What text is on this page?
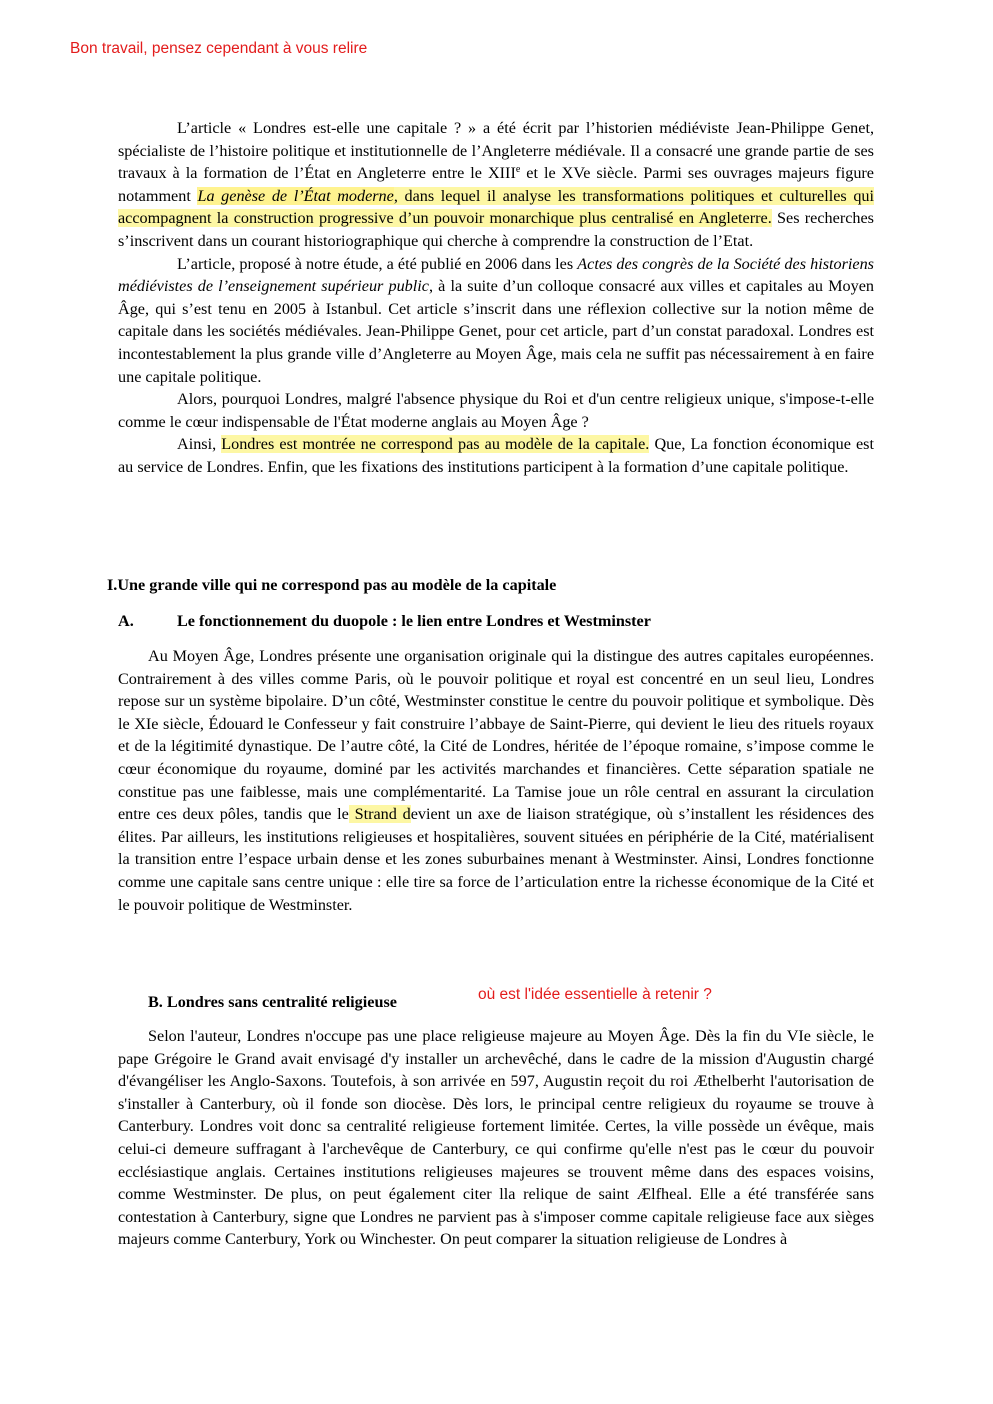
Bon travail, pensez cependant à vous relire

L’article « Londres est-elle une capitale ? » a été écrit par l’historien médiéviste Jean-Philippe Genet, spécialiste de l’histoire politique et institutionnelle de l’Angleterre médiévale. Il a consacré une grande partie de ses travaux à la formation de l’État en Angleterre entre le XIIIe et le XVe siècle. Parmi ses ouvrages majeurs figure notamment La genèse de l’État moderne, dans lequel il analyse les transformations politiques et culturelles qui accompagnent la construction progressive d’un pouvoir monarchique plus centralisé en Angleterre. Ses recherches s’inscrivent dans un courant historiographique qui cherche à comprendre la construction de l’Etat.

L’article, proposé à notre étude, a été publié en 2006 dans les Actes des congrès de la Société des historiens médiévistes de l’enseignement supérieur public, à la suite d’un colloque consacré aux villes et capitales au Moyen Âge, qui s’est tenu en 2005 à Istanbul. Cet article s’inscrit dans une réflexion collective sur la notion même de capitale dans les sociétés médiévales. Jean-Philippe Genet, pour cet article, part d’un constat paradoxal. Londres est incontestablement la plus grande ville d’Angleterre au Moyen Âge, mais cela ne suffit pas nécessairement à en faire une capitale politique.

Alors, pourquoi Londres, malgré l'absence physique du Roi et d'un centre religieux unique, s'impose-t-elle comme le cœur indispensable de l'État moderne anglais au Moyen Âge ?

Ainsi, Londres est montrée ne correspond pas au modèle de la capitale. Que, La fonction économique est au service de Londres. Enfin, que les fixations des institutions participent à la formation d’une capitale politique.

I.Une grande ville qui ne correspond pas au modèle de la capitale
A.	Le fonctionnement du duopole : le lien entre Londres et Westminster

Au Moyen Âge, Londres présente une organisation originale qui la distingue des autres capitales européennes. Contrairement à des villes comme Paris, où le pouvoir politique et royal est concentré en un seul lieu, Londres repose sur un système bipolaire. D’un côté, Westminster constitue le centre du pouvoir politique et symbolique. Dès le XIe siècle, Édouard le Confesseur y fait construire l’abbaye de Saint-Pierre, qui devient le lieu des rituels royaux et de la légitimité dynastique. De l’autre côté, la Cité de Londres, héritée de l’époque romaine, s’impose comme le cœur économique du royaume, dominé par les activités marchandes et financières. Cette séparation spatiale ne constitue pas une faiblesse, mais une complémentarité. La Tamise joue un rôle central en assurant la circulation entre ces deux pôles, tandis que le Strand devient un axe de liaison stratégique, où s’installent les résidences des élites. Par ailleurs, les institutions religieuses et hospitalières, souvent situées en périphérie de la Cité, matérialisent la transition entre l’espace urbain dense et les zones suburbaines menant à Westminster. Ainsi, Londres fonctionne comme une capitale sans centre unique : elle tire sa force de l’articulation entre la richesse économique de la Cité et le pouvoir politique de Westminster.

B. Londres sans centralité religieuse	où est l'idée essentielle à retenir ?

Selon l'auteur, Londres n'occupe pas une place religieuse majeure au Moyen Âge. Dès la fin du VIe siècle, le pape Grégoire le Grand avait envisagé d'y installer un archevêché, dans le cadre de la mission d'Augustin chargé d'évangéliser les Anglo-Saxons. Toutefois, à son arrivée en 597, Augustin reçoit du roi Æthelberht l'autorisation de s'installer à Canterbury, où il fonde son diocèse. Dès lors, le principal centre religieux du royaume se trouve à Canterbury. Londres voit donc sa centralité religieuse fortement limitée. Certes, la ville possède un évêque, mais celui-ci demeure suffragant à l'archevêque de Canterbury, ce qui confirme qu'elle n'est pas le cœur du pouvoir ecclésiastique anglais. Certaines institutions religieuses majeures se trouvent même dans des espaces voisins, comme Westminster. De plus, on peut également citer lla relique de saint Ælfheal. Elle a été transférée sans contestation à Canterbury, signe que Londres ne parvient pas à s'imposer comme capitale religieuse face aux sièges majeurs comme Canterbury, York ou Winchester. On peut comparer la situation religieuse de Londres à
